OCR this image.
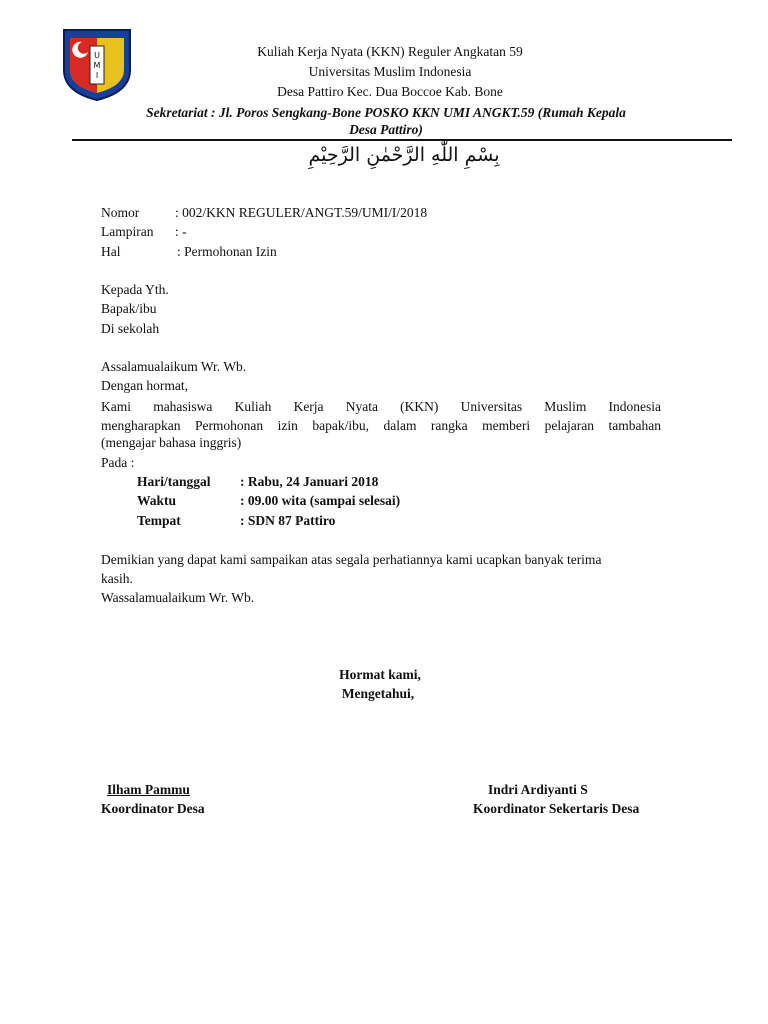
U
M
I
Kuliah Kerja Nyata (KKN) Reguler Angkatan 59
Universitas Muslim Indonesia
Desa Pattiro Kec. Dua Boccoe Kab. Bone
Sekretariat : Jl. Poros Sengkang-Bone POSKO KKN UMI ANGKT.59 (Rumah Kepala
Desa Pattiro)
بِسْمِ اللّٰهِ الرَّحْمٰنِ الرَّحِيْمِ
Nomor	: 002/KKN REGULER/ANGT.59/UMI/I/2018
Lampiran : -
Hal	: Permohonan Izin
Kepada Yth.
Bapak/ibu
Di sekolah
Assalamualaikum Wr. Wb.
Dengan hormat,
Kami mahasiswa Kuliah Kerja Nyata (KKN) Universitas Muslim Indonesia
mengharapkan Permohonan izin bapak/ibu, dalam rangka memberi pelajaran tambahan
(mengajar bahasa inggris)
Pada :
Hari/tanggal : Rabu, 24 Januari 2018
Waktu	: 09.00 wita (sampai selesai)
Tempat	: SDN 87 Pattiro
Demikian yang dapat kami sampaikan atas segala perhatiannya kami ucapkan banyak terima
kasih.
Wassalamualaikum Wr. Wb.
Hormat kami,
Mengetahui,
Ilham Pammu
Koordinator Desa
Indri Ardiyanti S
Koordinator Sekertaris Desa
